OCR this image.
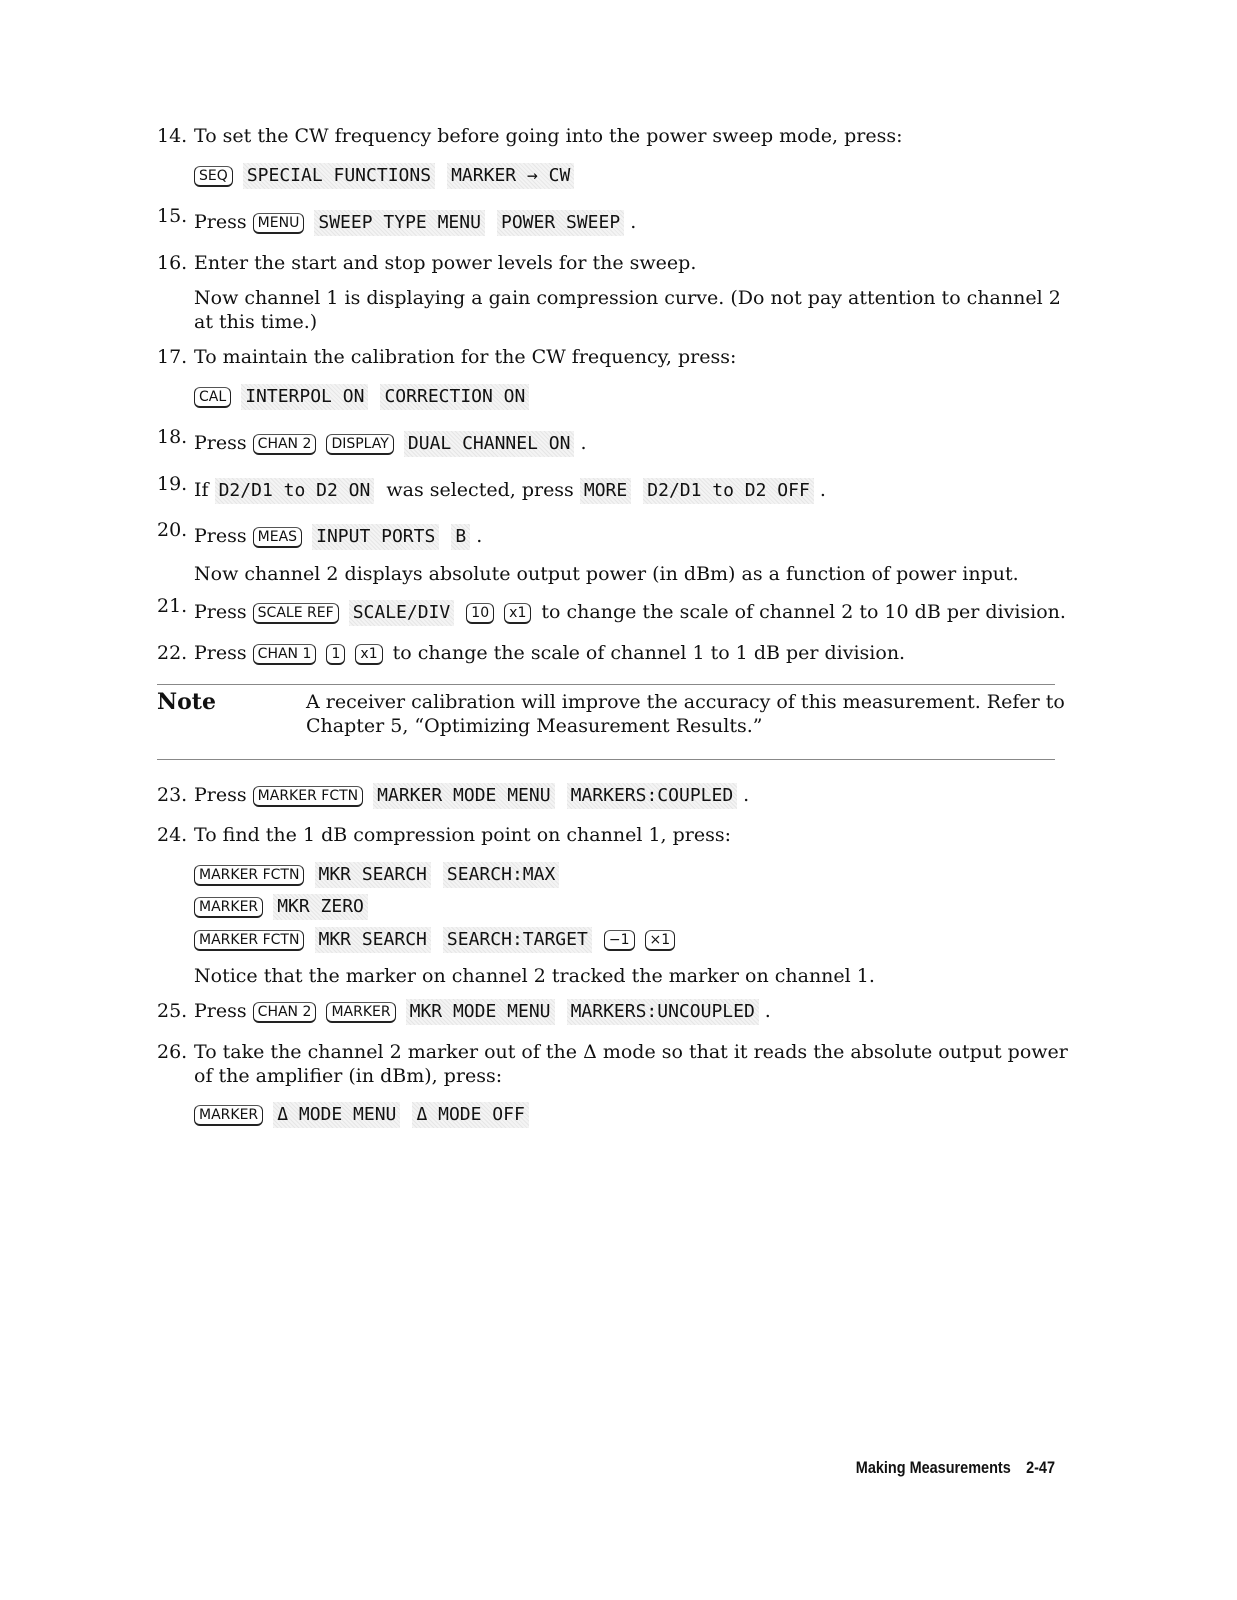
14. To set the CW frequency before going into the power sweep mode, press:
SEQ SPECIAL FUNCTIONS MARKER → CW
15. Press MENU SWEEP TYPE MENU POWER SWEEP .
16. Enter the start and stop power levels for the sweep.
Now channel 1 is displaying a gain compression curve. (Do not pay attention to channel 2
at this time.)
17. To maintain the calibration for the CW frequency, press:
CAL INTERPOL ON CORRECTION ON
18. Press CHAN 2 DISPLAY DUAL CHANNEL ON .
19. If D2/D1 to D2 ON was selected, press MORE D2/D1 to D2 OFF .
20. Press MEAS INPUT PORTS B .
Now channel 2 displays absolute output power (in dBm) as a function of power input.
21. Press SCALE REF SCALE/DIV 10 x1 to change the scale of channel 2 to 10 dB per division.
22. Press CHAN 1 1 x1 to change the scale of channel 1 to 1 dB per division.
Note	A receiver calibration will improve the accuracy of this measurement. Refer to
Chapter 5, “Optimizing Measurement Results.”
23. Press MARKER FCTN MARKER MODE MENU MARKERS:COUPLED .
24. To find the 1 dB compression point on channel 1, press:
MARKER FCTN MKR SEARCH SEARCH:MAX
MARKER MKR ZERO
MARKER FCTN MKR SEARCH SEARCH:TARGET −1 ×1
Notice that the marker on channel 2 tracked the marker on channel 1.
25. Press CHAN 2 MARKER MKR MODE MENU MARKERS:UNCOUPLED .
26. To take the channel 2 marker out of the Δ mode so that it reads the absolute output power
of the amplifier (in dBm), press:
MARKER Δ MODE MENU Δ MODE OFF
Making Measurements 2-47
